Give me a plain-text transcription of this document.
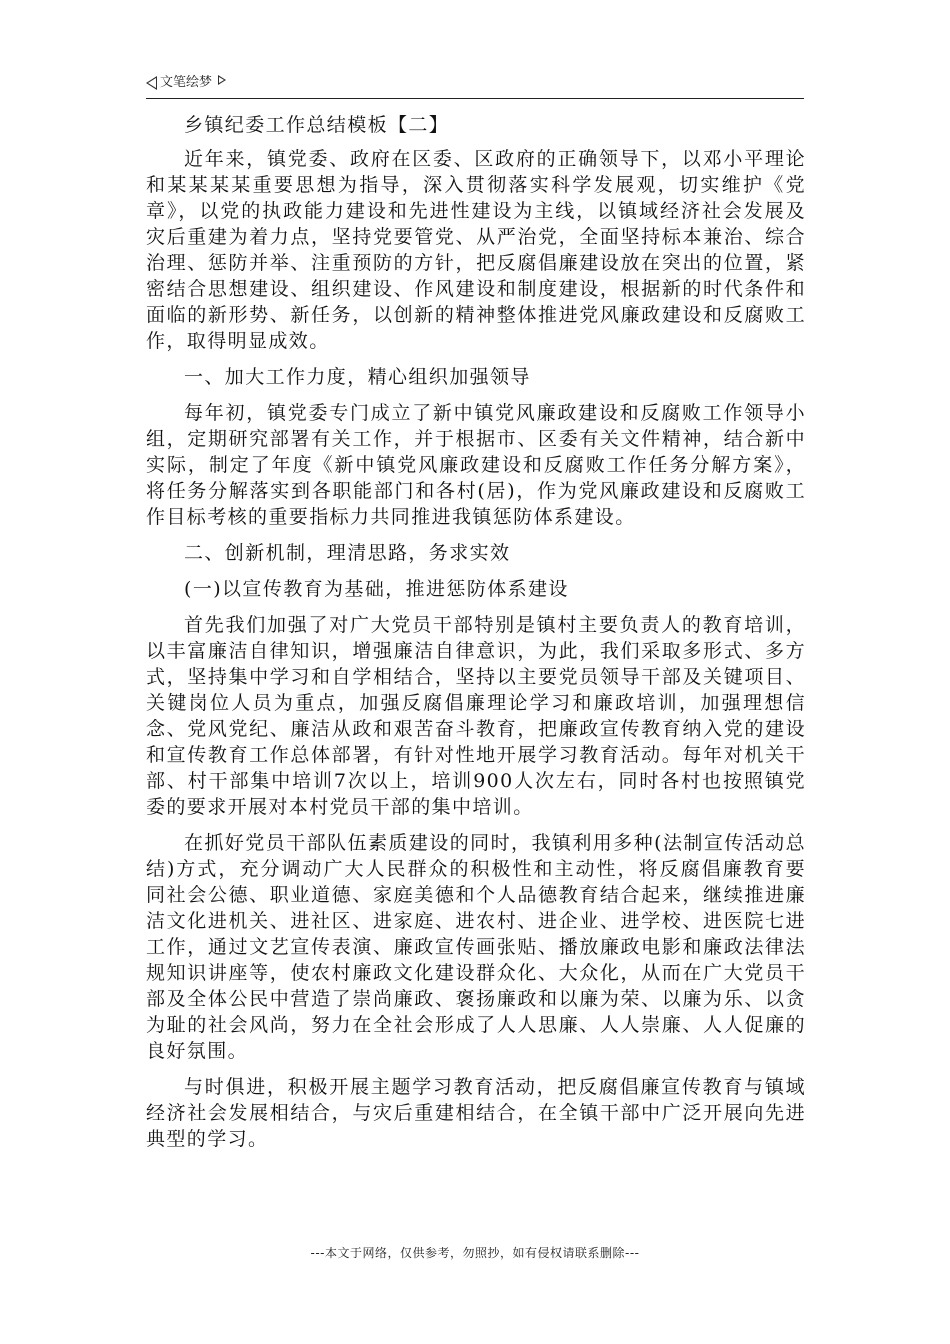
文笔绘梦

乡镇纪委工作总结模板【二】

近年来，镇党委、政府在区委、区政府的正确领导下，以邓小平理论和某某某某重要思想为指导，深入贯彻落实科学发展观，切实维护《党章》，以党的执政能力建设和先进性建设为主线，以镇域经济社会发展及灾后重建为着力点，坚持党要管党、从严治党，全面坚持标本兼治、综合治理、惩防并举、注重预防的方针，把反腐倡廉建设放在突出的位置，紧密结合思想建设、组织建设、作风建设和制度建设，根据新的时代条件和面临的新形势、新任务，以创新的精神整体推进党风廉政建设和反腐败工作，取得明显成效。

一、加大工作力度，精心组织加强领导

每年初，镇党委专门成立了新中镇党风廉政建设和反腐败工作领导小组，定期研究部署有关工作，并于根据市、区委有关文件精神，结合新中实际，制定了年度《新中镇党风廉政建设和反腐败工作任务分解方案》，将任务分解落实到各职能部门和各村(居)，作为党风廉政建设和反腐败工作目标考核的重要指标力共同推进我镇惩防体系建设。

二、创新机制，理清思路，务求实效

(一)以宣传教育为基础，推进惩防体系建设

首先我们加强了对广大党员干部特别是镇村主要负责人的教育培训，以丰富廉洁自律知识，增强廉洁自律意识，为此，我们采取多形式、多方式，坚持集中学习和自学相结合，坚持以主要党员领导干部及关键项目、关键岗位人员为重点，加强反腐倡廉理论学习和廉政培训，加强理想信念、党风党纪、廉洁从政和艰苦奋斗教育，把廉政宣传教育纳入党的建设和宣传教育工作总体部署，有针对性地开展学习教育活动。每年对机关干部、村干部集中培训7次以上，培训900人次左右，同时各村也按照镇党委的要求开展对本村党员干部的集中培训。

在抓好党员干部队伍素质建设的同时，我镇利用多种(法制宣传活动总结)方式，充分调动广大人民群众的积极性和主动性，将反腐倡廉教育要同社会公德、职业道德、家庭美德和个人品德教育结合起来，继续推进廉洁文化进机关、进社区、进家庭、进农村、进企业、进学校、进医院七进工作，通过文艺宣传表演、廉政宣传画张贴、播放廉政电影和廉政法律法规知识讲座等，使农村廉政文化建设群众化、大众化，从而在广大党员干部及全体公民中营造了崇尚廉政、褒扬廉政和以廉为荣、以廉为乐、以贪为耻的社会风尚，努力在全社会形成了人人思廉、人人崇廉、人人促廉的良好氛围。

与时俱进，积极开展主题学习教育活动，把反腐倡廉宣传教育与镇域经济社会发展相结合，与灾后重建相结合，在全镇干部中广泛开展向先进典型的学习。

---本文于网络，仅供参考，勿照抄，如有侵权请联系删除---
